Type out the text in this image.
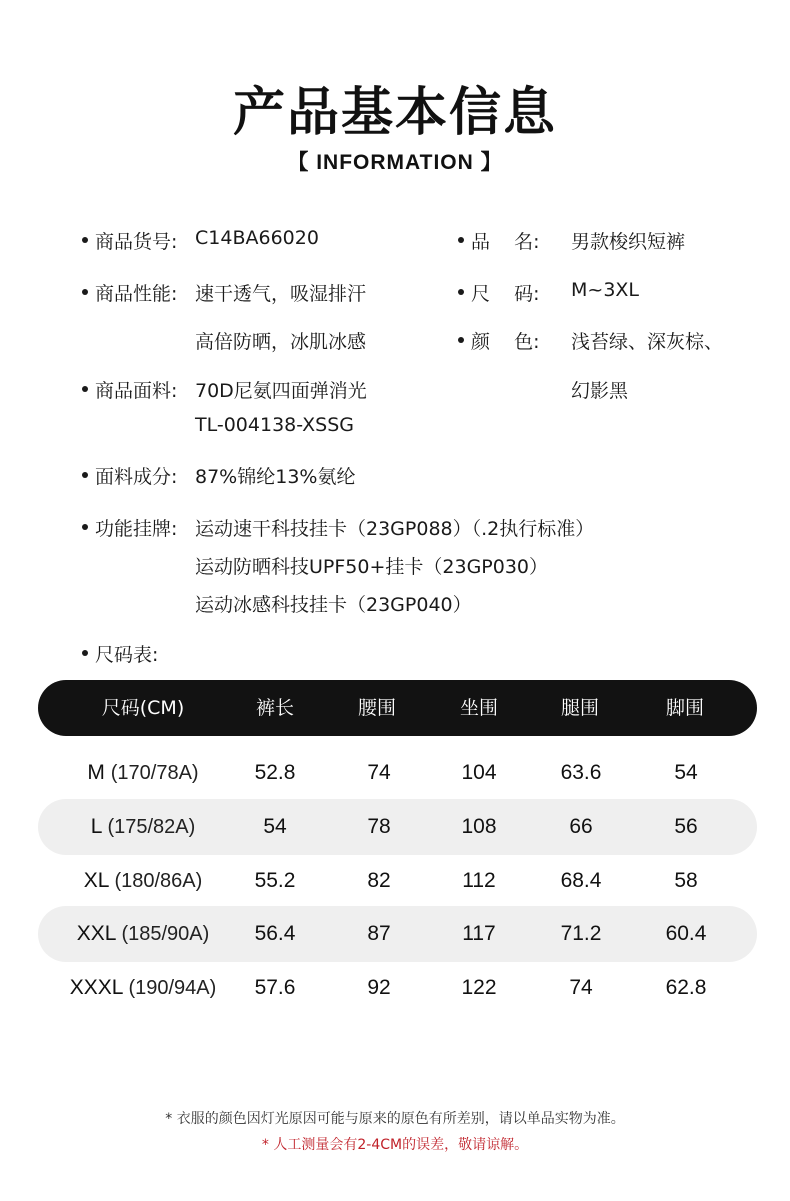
产品基本信息
【 INFORMATION 】
商品货号: C14BA66020
商品性能: 速干透气，吸湿排汗
高倍防晒，冰肌冰感
商品面料: 70D尼氨四面弹消光
TL-004138-XSSG
面料成分: 87%锦纶13%氨纶
功能挂牌: 运动速干科技挂卡（23GP088）（.2执行标准）
运动防晒科技UPF50+挂卡（23GP030）
运动冰感科技挂卡（23GP040）
尺码表:
品    名: 男款梭织短裤
尺    码: M~3XL
颜    色: 浅苔绿、深灰棕、
幻影黑
尺码(CM)	裤长	腰围	坐围	腿围	脚围
M (170/78A)	52.8	74	104	63.6	54
L (175/82A)	54	78	108	66	56
XL (180/86A)	55.2	82	112	68.4	58
XXL (185/90A)	56.4	87	117	71.2	60.4
XXXL (190/94A)	57.6	92	122	74	62.8
* 衣服的颜色因灯光原因可能与原来的原色有所差别，请以单品实物为准。
* 人工测量会有2-4CM的误差，敬请谅解。
